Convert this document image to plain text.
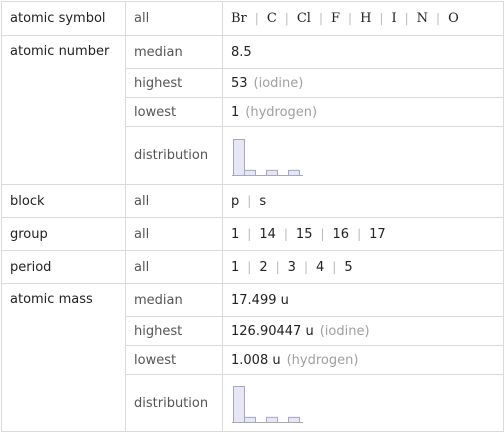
atomic symbol	all	Br | C | Cl | F | H | I | N | O
atomic number	median	8.5
	highest	53 (iodine)
	lowest	1 (hydrogen)
	distribution	

block	all	p | s
group	all	1 | 14 | 15 | 16 | 17
period	all	1 | 2 | 3 | 4 | 5
atomic mass	median	17.499 u
	highest	126.90447 u (iodine)
	lowest	1.008 u (hydrogen)
	distribution	
